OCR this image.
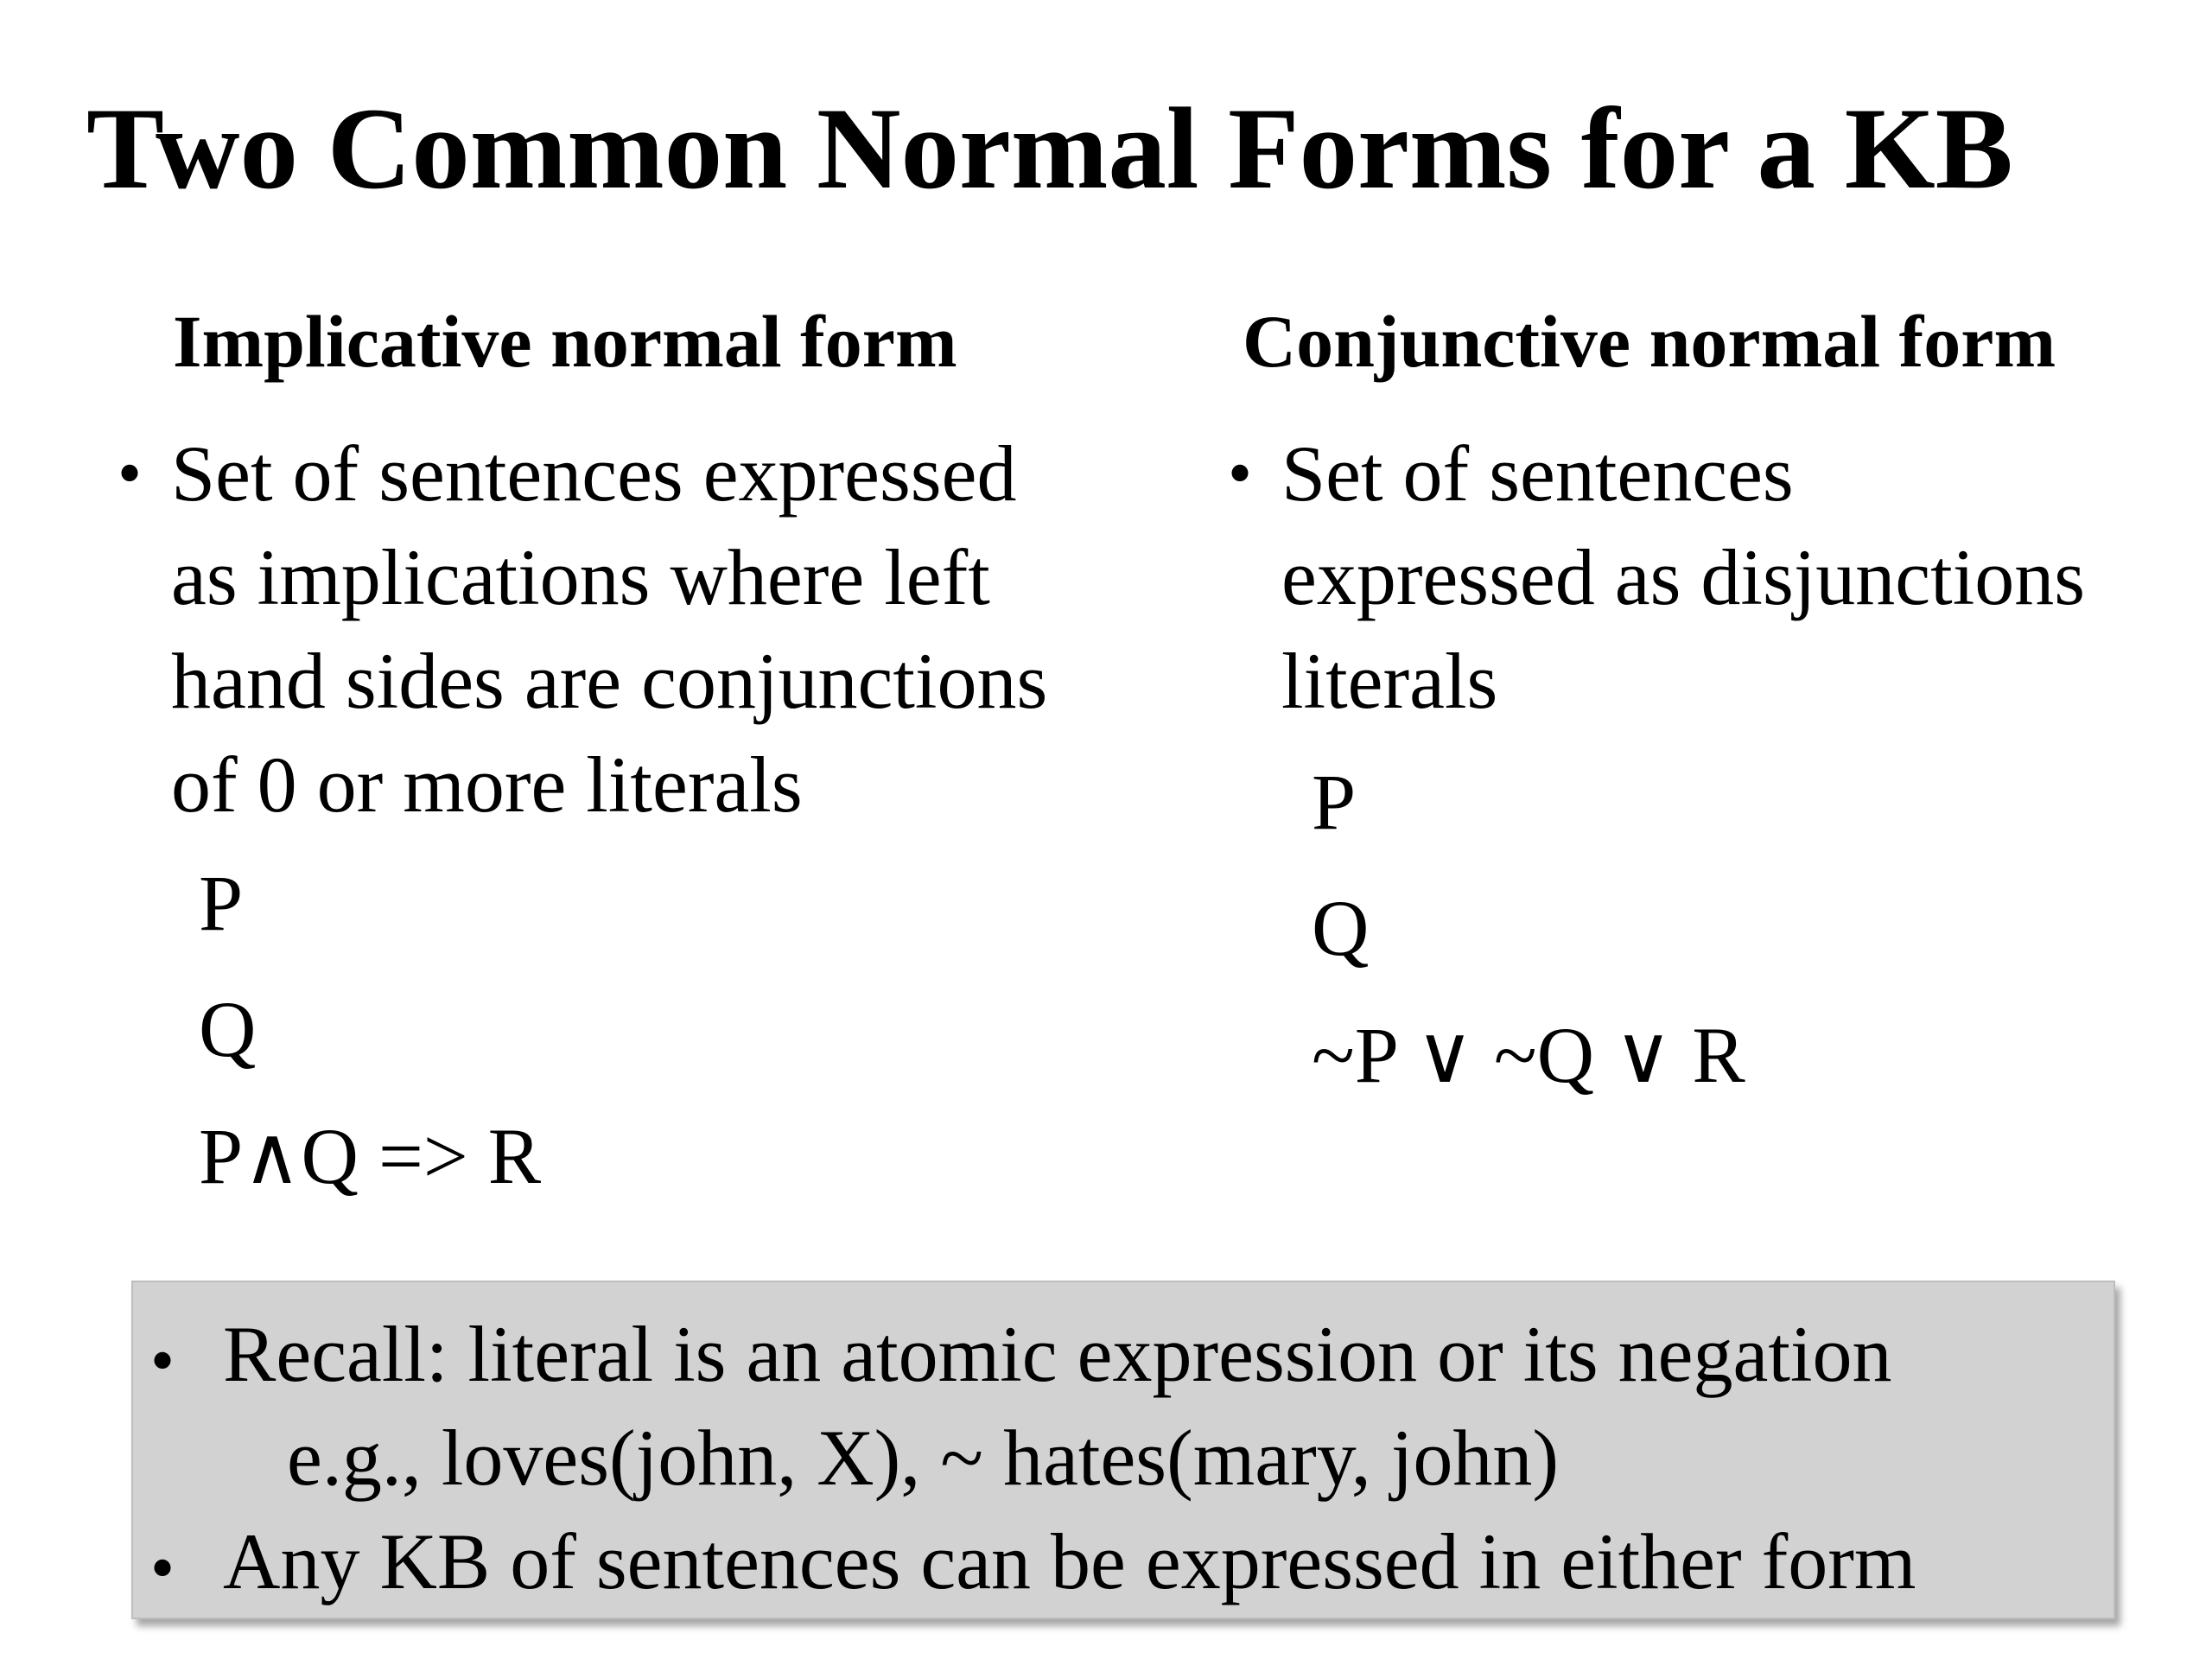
Two Common Normal Forms for a KB
Implicative normal form
• Set of sentences expressed
as implications where left
hand sides are conjunctions
of 0 or more literals
P
Q
P∧Q => R
Conjunctive normal form
• Set of sentences
expressed as disjunctions
literals
P
Q
~P ∨ ~Q ∨ R
• Recall: literal is an atomic expression or its negation
e.g., loves(john, X), ~ hates(mary, john)
• Any KB of sentences can be expressed in either form
